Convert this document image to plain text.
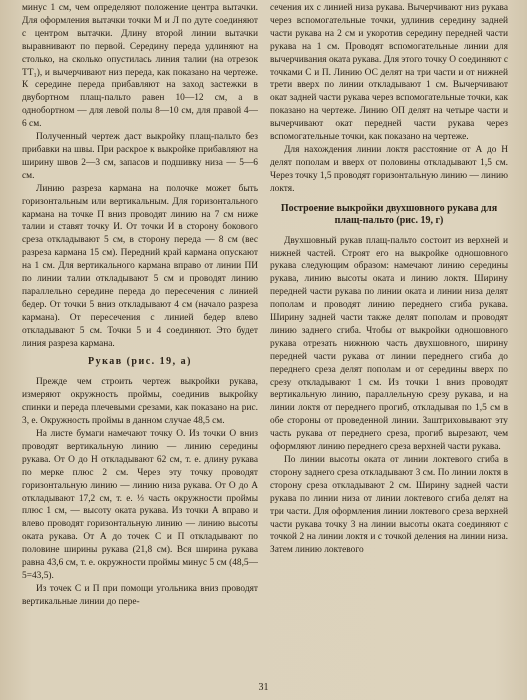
минус 1 см, чем определяют положение центра вытачки. Для оформления вытачки точки М и Л по дуте соединяют с центром вытачки. Длину второй линии вытачки выравнивают по первой. Середину переда удлиняют на столько, на сколько опустилась линия талии (на отрезок ТТ₁), и вычерчивают низ переда, как показано на чертеже. К середине переда прибавляют на заход застежки в двубортном плащ-пальто равен 10—12 см, а в однобортном — для левой полы 8—10 см, для правой 4—6 см.

Полученный чертеж даст выкройку плащ-пальто без прибавки на швы. При раскрое к выкройке прибавляют на ширину швов 2—3 см, запасов и подшивку низа — 5—6 см.

Линию разреза кармана на полочке может быть горизонтальным или вертикальным. Для горизонтального кармана на точке П вниз проводят линию на 7 см ниже талии и ставят точку И. От точки И в сторону бокового среза откладывают 5 см, в сторону переда — 8 см (вес разреза кармана 15 см). Передний край кармана опускают на 1 см. Для вертикального кармана вправо от линии ПИ по линии талии откладывают 5 см и проводят линию параллельно середине переда до пересечения с линией бедер. От точки 5 вниз откладывают 4 см (начало разреза кармана). От пересечения с линией бедер влево откладывают 5 см. Точки 5 и 4 соединяют. Это будет линия разреза кармана.

Рукав (рис. 19, а)

Прежде чем строить чертеж выкройки рукава, измеряют окружность проймы, соединив выкройку спинки и переда плечевыми срезами, как показано на рис. 3, е. Окружность проймы в данном случае 48,5 см.

На листе бумаги намечают точку О. Из точки О вниз проводят вертикальную линию — линию середины рукава. От О до Н откладывают 62 см, т. е. длину рукава по мерке плюс 2 см. Через эту точку проводят горизонтальную линию — линию низа рукава. От О до А откладывают 17,2 см, т. е. ⅓ часть окружности проймы плюс 1 см, — высоту оката рукава. Из точки А вправо и влево проводят горизонтальную линию — линию высоты оката рукава. От А до точек С и П откладывают по половине ширины рукава (21,8 см). Вся ширина рукава равна 43,6 см, т. е. окружности проймы минус 5 см (48,5—5=43,5).

Из точек С и П при помощи угольника вниз проводят вертикальные линии до пере-

сечения их с линией низа рукава. Вычерчивают низ рукава через вспомогательные точки, удлинив середину задней части рукава на 2 см и укоротив середину передней части рукава на 1 см. Проводят вспомогательные линии для вычерчивания оката рукава. Для этого точку О соединяют с точками С и П. Линию ОС делят на три части и от нижней трети вверх по линии откладывают 1 см. Вычерчивают окат задней части рукава через вспомогательные точки, как показано на чертеже. Линию ОП делят на четыре части и вычерчивают окат передней части рукава через вспомогательные точки, как показано на чертеже.

Для нахождения линии локтя расстояние от А до Н делят пополам и вверх от половины откладывают 1,5 см. Через точку 1,5 проводят горизонтальную линию — линию локтя.

Построение выкройки двухшовного рукава для плащ-пальто (рис. 19, г)

Двухшовный рукав плащ-пальто состоит из верхней и нижней частей. Строят его на выкройке одношовного рукава следующим образом: намечают линию середины рукава, линию высоты оката и линию локтя. Ширину передней части рукава по линии оката и линии низа делят пополам и проводят линию переднего сгиба рукава. Ширину задней части также делят пополам и проводят линию заднего сгиба. Чтобы от выкройки одношовного рукава отрезать нижнюю часть двухшовного, ширину передней части рукава от линии переднего сгиба до переднего среза делят пополам и от середины вверх по срезу откладывают 1 см. Из точки 1 вниз проводят вертикальную линию, параллельную срезу рукава, и на линии локтя от переднего прогиб, откладывая по 1,5 см в обе стороны от проведенной линии. Заштриховывают эту часть рукава от переднего среза, прогиб вырезают, чем оформляют линию переднего среза верхней части рукава.

По линии высоты оката от линии локтевого сгиба в сторону заднего среза откладывают 3 см. По линии локтя в сторону среза откладывают 2 см. Ширину задней части рукава по линии низа от линии локтевого сгиба делят на три части. Для оформления линии локтевого среза верхней части рукава точку 3 на линии высоты оката соединяют с точкой 2 на линии локтя и с точкой деления на линии низа. Затем линию локтевого

31
